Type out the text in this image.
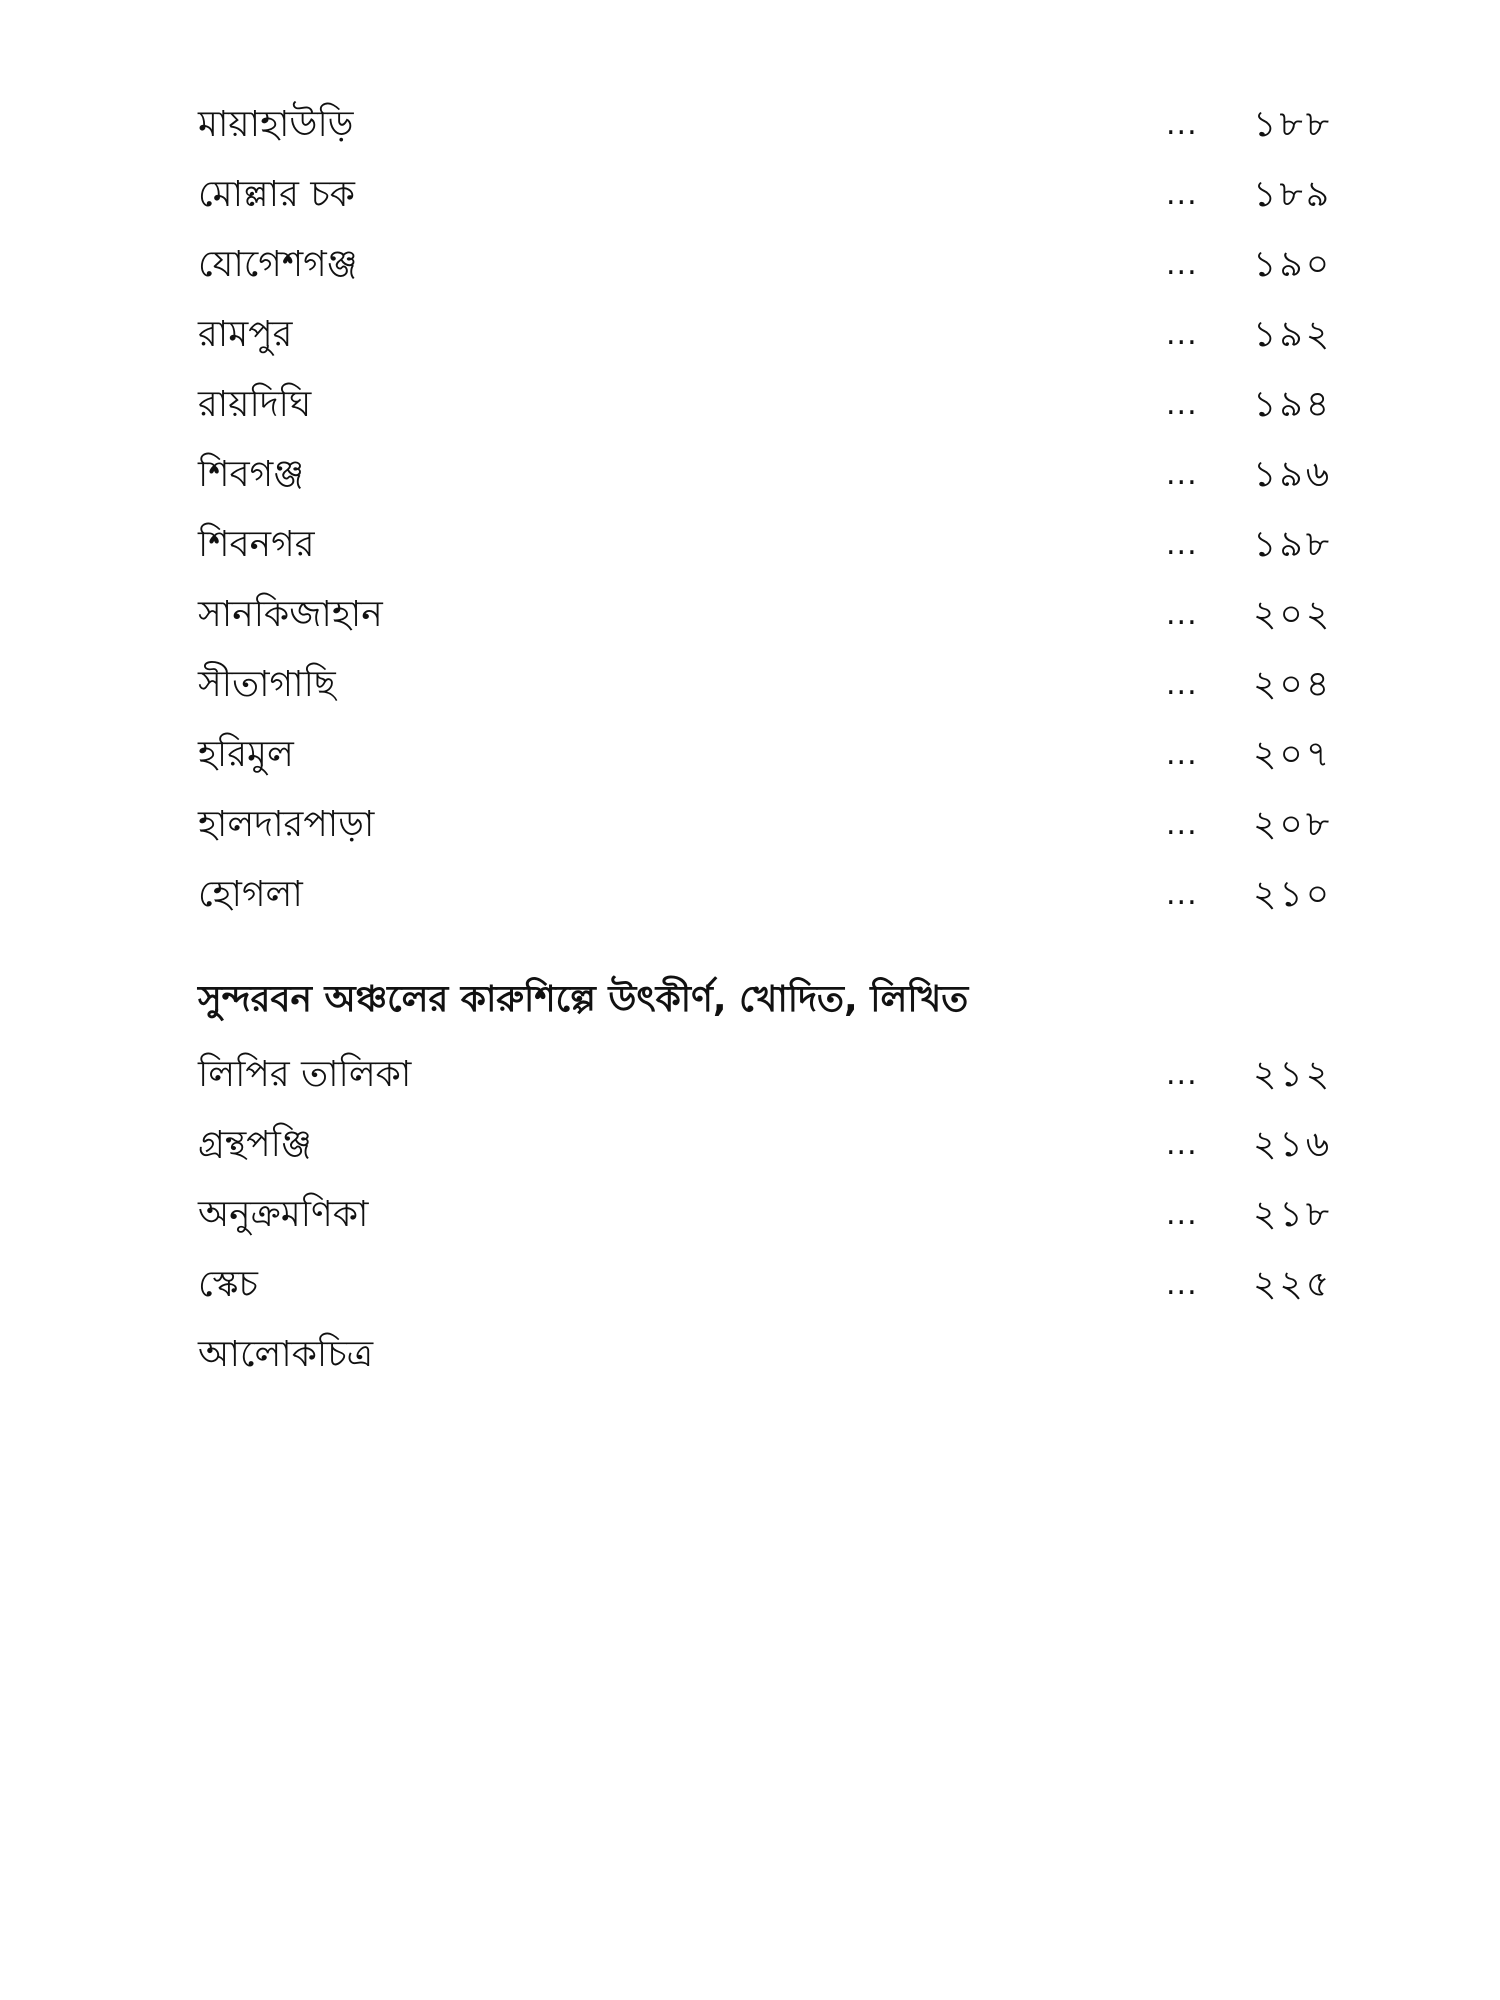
মায়াহাউড়ি	... ১৮৮
মোল্লার চক	... ১৮৯
যোগেশগঞ্জ	... ১৯০
রামপুর	... ১৯২
রায়দিঘি	... ১৯৪
শিবগঞ্জ	... ১৯৬
শিবনগর	... ১৯৮
সানকিজাহান	... ২০২
সীতাগাছি	... ২০৪
হরিমুল	... ২০৭
হালদারপাড়া	... ২০৮
হোগলা	... ২১০
সুন্দরবন অঞ্চলের কারুশিল্পে উৎকীর্ণ, খোদিত, লিখিত
লিপির তালিকা	... ২১২
গ্রন্থপঞ্জি	... ২১৬
অনুক্রমণিকা	... ২১৮
স্কেচ	... ২২৫
আলোকচিত্র
